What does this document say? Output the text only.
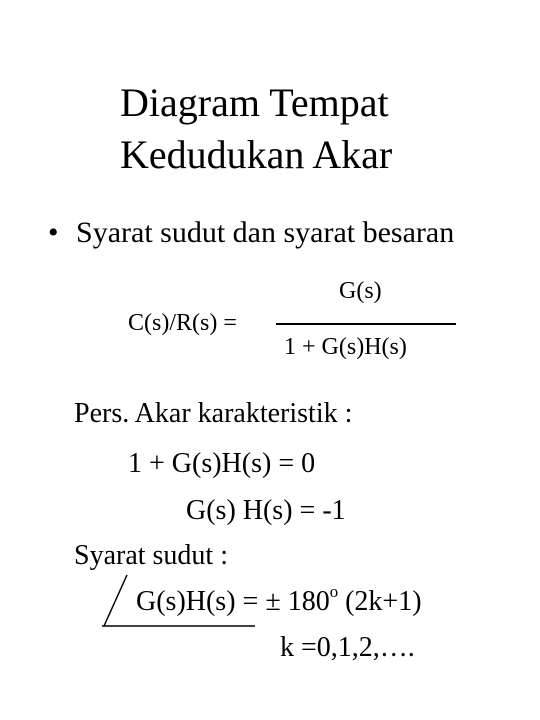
Diagram Tempat
Kedudukan Akar
• Syarat sudut dan syarat besaran
G(s)
C(s)/R(s) =
1 + G(s)H(s)
Pers. Akar karakteristik :
1 + G(s)H(s) = 0
G(s) H(s) = -1
Syarat sudut :
G(s)H(s) = ± $180^o$ (2k+1)
k =0,1,2,….
